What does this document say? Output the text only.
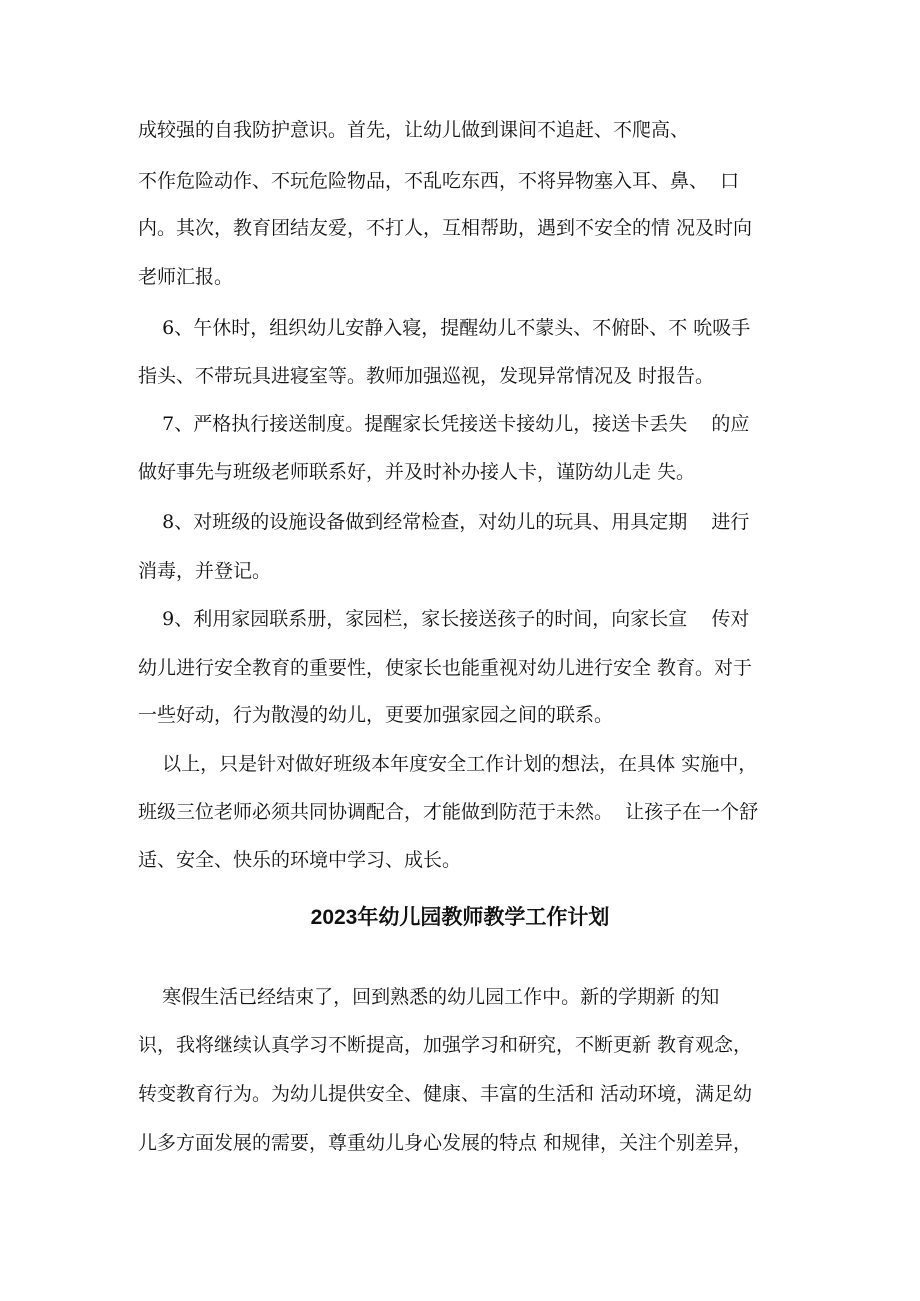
成较强的自我防护意识。首先，让幼儿做到课间不追赶、不爬高、

不作危险动作、不玩危险物品，不乱吃东西，不将异物塞入耳、鼻、  口

内。其次，教育团结友爱，不打人，互相帮助，遇到不安全的情 况及时向

老师汇报。

6、午休时，组织幼儿安静入寝，提醒幼儿不蒙头、不俯卧、不 吮吸手

指头、不带玩具进寝室等。教师加强巡视，发现异常情况及 时报告。

7、严格执行接送制度。提醒家长凭接送卡接幼儿，接送卡丢失    的应

做好事先与班级老师联系好，并及时补办接人卡，谨防幼儿走 失。

8、对班级的设施设备做到经常检查，对幼儿的玩具、用具定期    进行

消毒，并登记。

9、利用家园联系册，家园栏，家长接送孩子的时间，向家长宣    传对

幼儿进行安全教育的重要性，使家长也能重视对幼儿进行安全 教育。对于

一些好动，行为散漫的幼儿，更要加强家园之间的联系。

以上，只是针对做好班级本年度安全工作计划的想法，在具体 实施中，

班级三位老师必须共同协调配合，才能做到防范于未然。  让孩子在一个舒

适、安全、快乐的环境中学习、成长。

2023年幼儿园教师教学工作计划

寒假生活已经结束了，回到熟悉的幼儿园工作中。新的学期新 的知

识，我将继续认真学习不断提高，加强学习和研究，不断更新 教育观念，

转变教育行为。为幼儿提供安全、健康、丰富的生活和 活动环境，满足幼

儿多方面发展的需要，尊重幼儿身心发展的特点 和规律，关注个别差异，
